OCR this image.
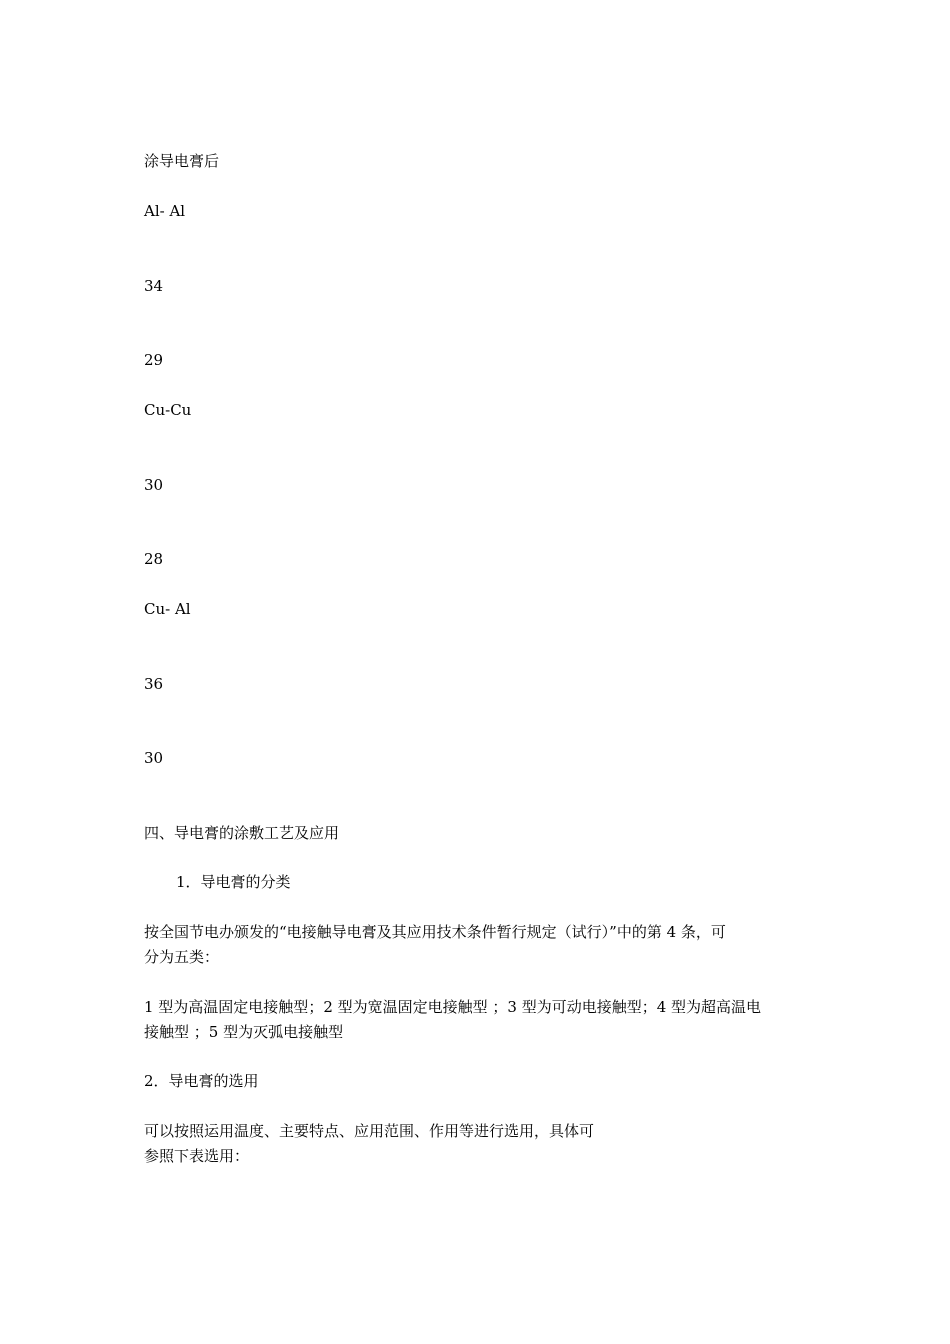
涂导电膏后
Al- Al
34
29
Cu-Cu
30
28
Cu- Al
36
30
四、导电膏的涂敷工艺及应用
1．导电膏的分类
按全国节电办颁发的“电接触导电膏及其应用技术条件暂行规定（试行）”中的第 4 条，可
分为五类：
1 型为高温固定电接触型；2 型为宽温固定电接触型 ；3 型为可动电接触型；4 型为超高温电
接触型 ；5 型为灭弧电接触型
2．导电膏的选用
可以按照运用温度、主要特点、应用范围、作用等进行选用，具体可
参照下表选用：
